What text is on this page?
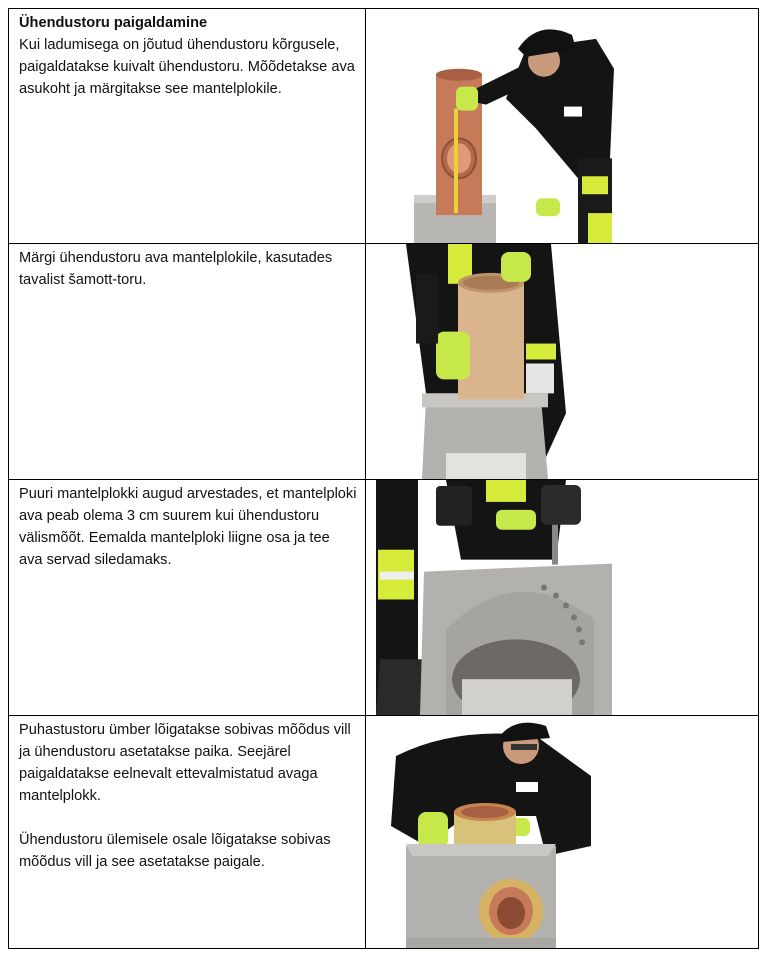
Ühendustoru paigaldamine
Kui ladumisega on jõutud ühendustoru kõrgusele, paigaldatakse kuivalt ühendustoru. Mõõdetakse ava asukoht ja märgitakse see mantelplokile.
Märgi ühendustoru ava mantelplokile, kasutades tavalist šamott-toru.
Puuri mantelplokki augud arvestades, et mantelploki ava peab olema 3 cm suurem kui ühendustoru välismõõt. Eemalda mantelploki liigne osa ja tee ava servad siledamaks.
Puhastustoru ümber lõigatakse sobivas mõõdus vill ja ühendustoru asetatakse paika. Seejärel paigaldatakse eelnevalt ettevalmistatud avaga mantelplokk.
Ühendustoru ülemisele osale lõigatakse sobivas mõõdus vill ja see asetatakse paigale.
